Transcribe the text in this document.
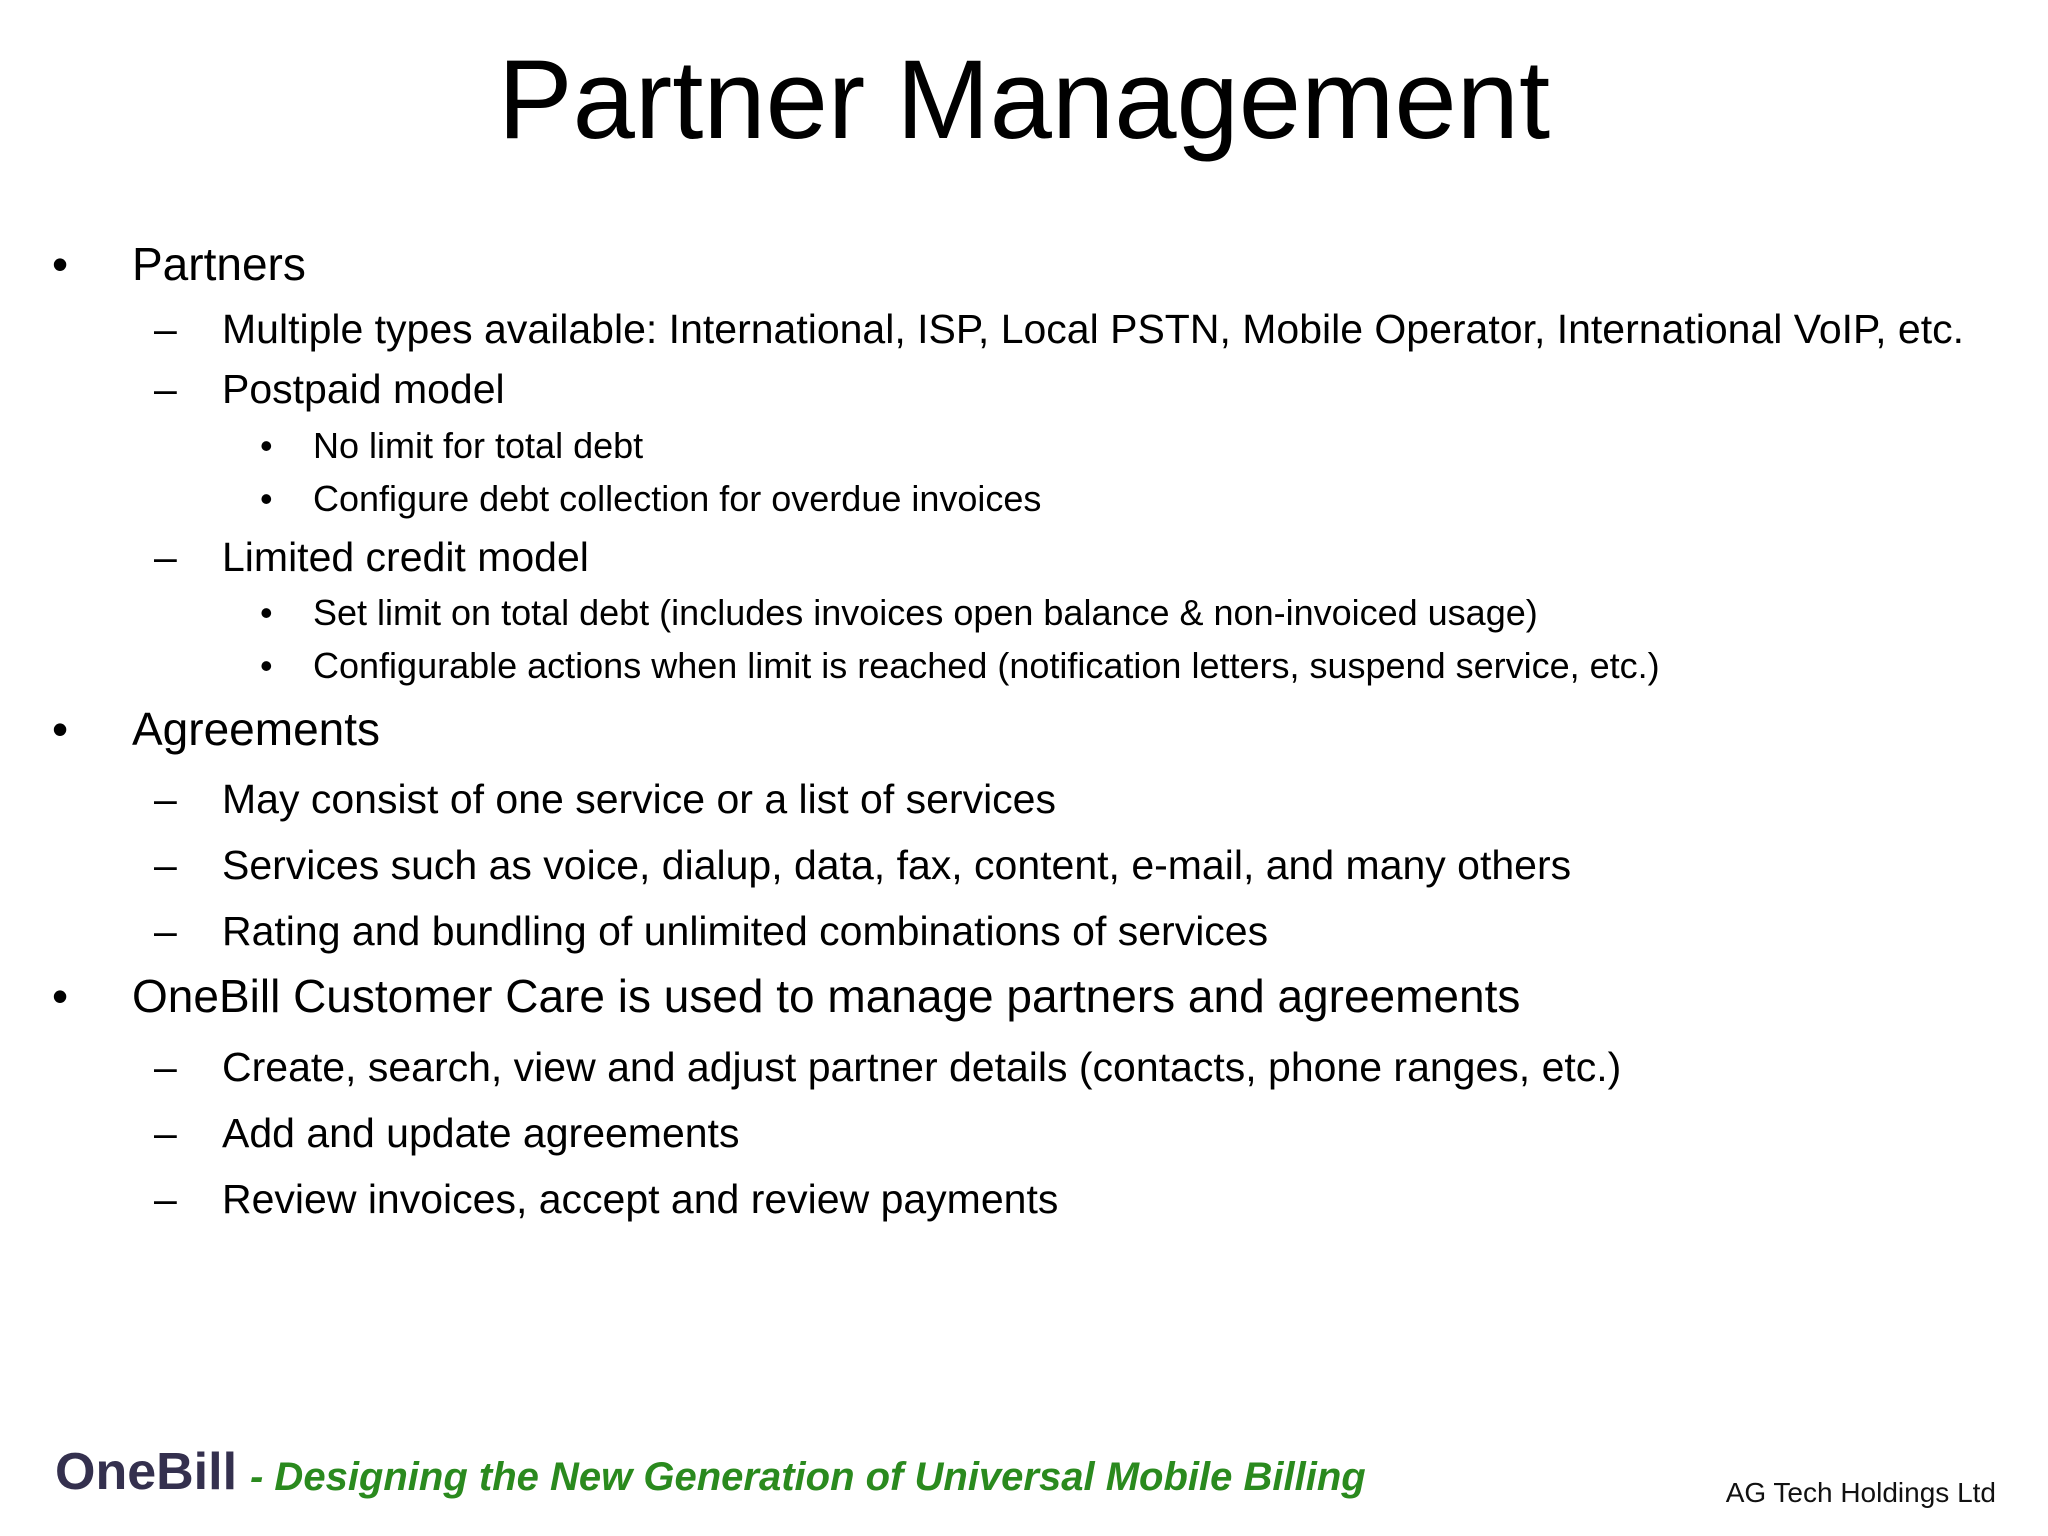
Partner Management
• Partners
– Multiple types available: International, ISP, Local PSTN, Mobile Operator, International VoIP, etc.
– Postpaid model
• No limit for total debt
• Configure debt collection for overdue invoices
– Limited credit model
• Set limit on total debt (includes invoices open balance & non-invoiced usage)
• Configurable actions when limit is reached (notification letters, suspend service, etc.)
• Agreements
– May consist of one service or a list of services
– Services such as voice, dialup, data, fax, content, e-mail, and many others
– Rating and bundling of unlimited combinations of services
• OneBill Customer Care is used to manage partners and agreements
– Create, search, view and adjust partner details (contacts, phone ranges, etc.)
– Add and update agreements
– Review invoices, accept and review payments
OneBill - Designing the New Generation of Universal Mobile Billing	AG Tech Holdings Ltd
